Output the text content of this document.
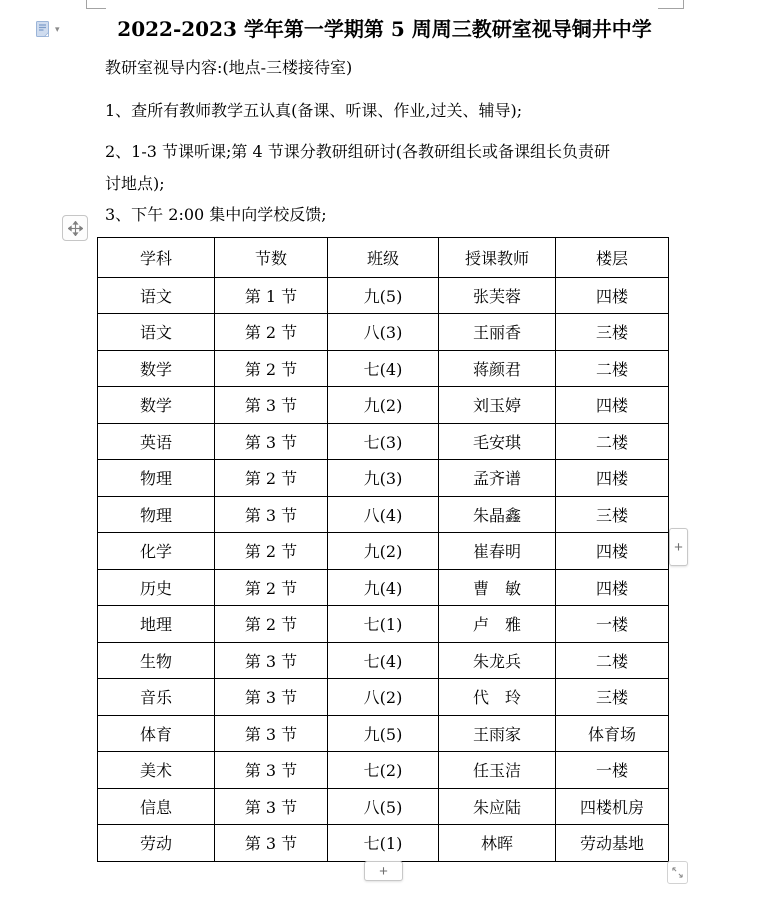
▾	2022-2023 学年第一学期第 5 周周三教研室视导铜井中学
教研室视导内容:(地点-三楼接待室)
1、查所有教师教学五认真(备课、听课、作业,过关、辅导);
2、1-3 节课听课;第 4 节课分教研组研讨(各教研组长或备课组长负责研
讨地点);
3、下午 2:00 集中向学校反馈;
学科	节数	班级	授课教师	楼层
语文	第 1 节	九(5)	张芙蓉	四楼
语文	第 2 节	八(3)	王丽香	三楼
数学	第 2 节	七(4)	蒋颜君	二楼
数学	第 3 节	九(2)	刘玉婷	四楼
英语	第 3 节	七(3)	毛安琪	二楼
物理	第 2 节	九(3)	孟齐谱	四楼
物理	第 3 节	八(4)	朱晶鑫	三楼
化学	第 2 节	九(2)	崔春明	四楼
历史	第 2 节	九(4)	曹　敏	四楼
地理	第 2 节	七(1)	卢　雅	一楼
生物	第 3 节	七(4)	朱龙兵	二楼
音乐	第 3 节	八(2)	代　玲	三楼
体育	第 3 节	九(5)	王雨家	体育场
美术	第 3 节	七(2)	任玉洁	一楼
信息	第 3 节	八(5)	朱应陆	四楼机房
劳动	第 3 节	七(1)	林晖	劳动基地
+
+
